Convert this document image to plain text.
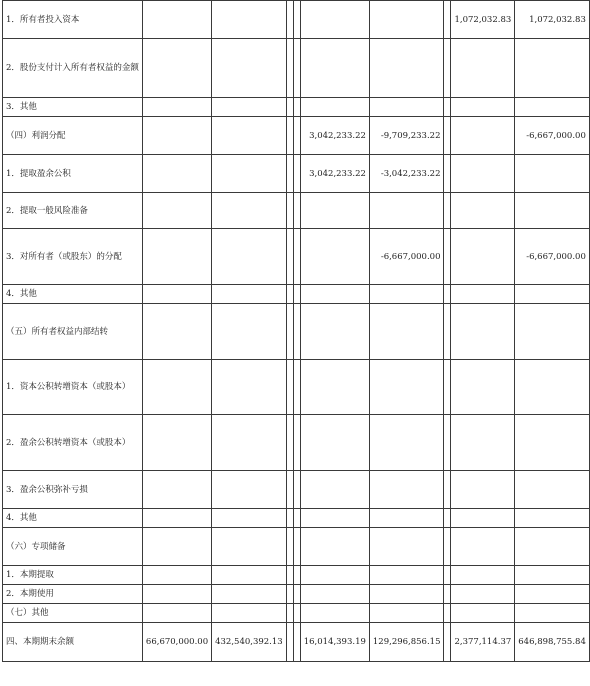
1．所有者投入资本								1,072,032.83	1,072,032.83
2．股份支付计入所有者权益的金额									
3．其他									
（四）利润分配					3,042,233.22	-9,709,233.22			-6,667,000.00
1．提取盈余公积					3,042,233.22	-3,042,233.22			
2．提取一般风险准备									
3．对所有者（或股东）的分配						-6,667,000.00			-6,667,000.00
4．其他									
（五）所有者权益内部结转									
1．资本公积转增资本（或股本）									
2．盈余公积转增资本（或股本）									
3．盈余公积弥补亏损									
4．其他									
（六）专项储备									
1．本期提取									
2．本期使用									
（七）其他									
四、本期期末余额	66,670,000.00	432,540,392.13			16,014,393.19	129,296,856.15		2,377,114.37	646,898,755.84
